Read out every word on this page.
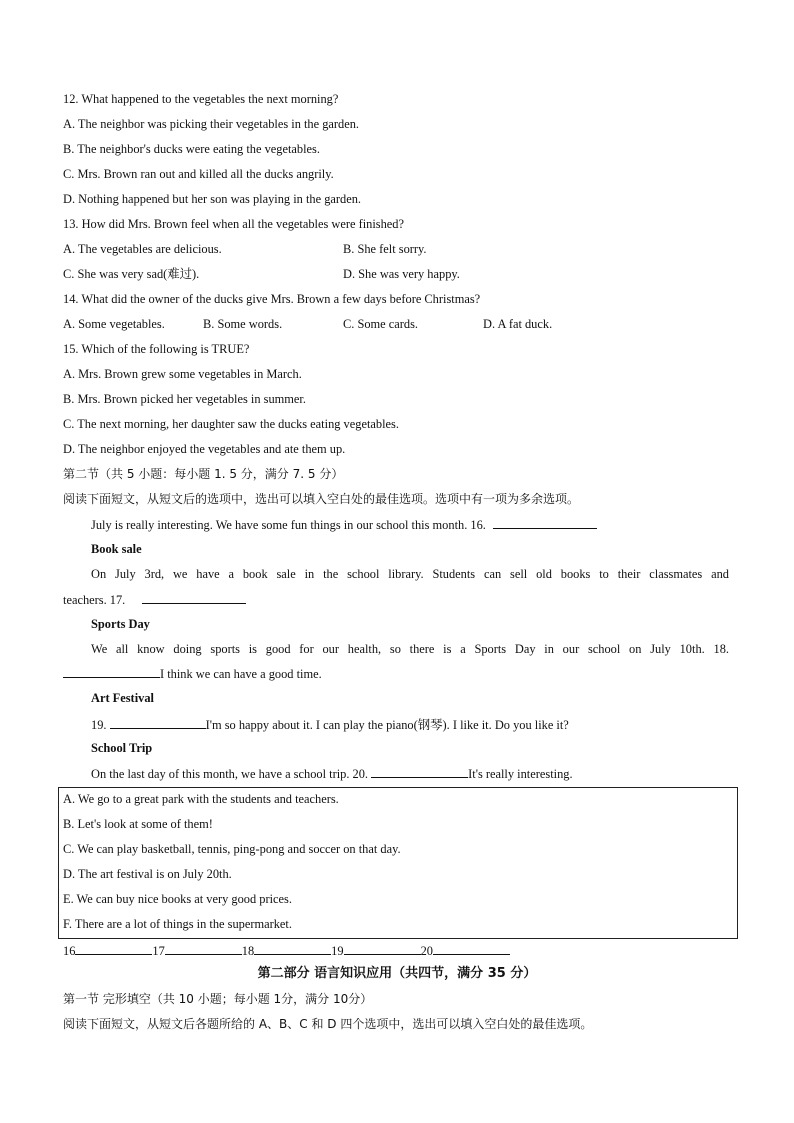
12. What happened to the vegetables the next morning?
A. The neighbor was picking their vegetables in the garden.
B. The neighbor's ducks were eating the vegetables.
C. Mrs. Brown ran out and killed all the ducks angrily.
D. Nothing happened but her son was playing in the garden.
13. How did Mrs. Brown feel when all the vegetables were finished?
A. The vegetables are delicious.	B. She felt sorry.
C. She was very sad(难过).	D. She was very happy.
14. What did the owner of the ducks give Mrs. Brown a few days before Christmas?
A. Some vegetables.	B. Some words.	C. Some cards.	D. A fat duck.
15. Which of the following is TRUE?
A. Mrs. Brown grew some vegetables in March.
B. Mrs. Brown picked her vegetables in summer.
C. The next morning, her daughter saw the ducks eating vegetables.
D. The neighbor enjoyed the vegetables and ate them up.
第二节（共 5 小题：每小题 1. 5 分，满分 7. 5 分）
阅读下面短文，从短文后的选项中，选出可以填入空白处的最佳选项。选项中有一项为多余选项。
July is really interesting. We have some fun things in our school this month. 16.
Book sale
On July 3rd, we have a book sale in the school library. Students can sell old books to their classmates and
teachers. 17.
Sports Day
We all know doing sports is good for our health, so there is a Sports Day in our school on July 10th. 18.
I think we can have a good time.
Art Festival
19.	I'm so happy about it. I can play the piano(钢琴). I like it. Do you like it?
School Trip
On the last day of this month, we have a school trip. 20.	It's really interesting.
A. We go to a great park with the students and teachers.
B. Let's look at some of them!
C. We can play basketball, tennis, ping-pong and soccer on that day.
D. The art festival is on July 20th.
E. We can buy nice books at very good prices.
F. There are a lot of things in the supermarket.
16	17	18	19	20
第二部分 语言知识应用（共四节，满分 35 分）
第一节 完形填空（共 10 小题；每小题 1分，满分 10分）
阅读下面短文，从短文后各题所给的 A、B、C 和 D 四个选项中，选出可以填入空白处的最佳选项。
